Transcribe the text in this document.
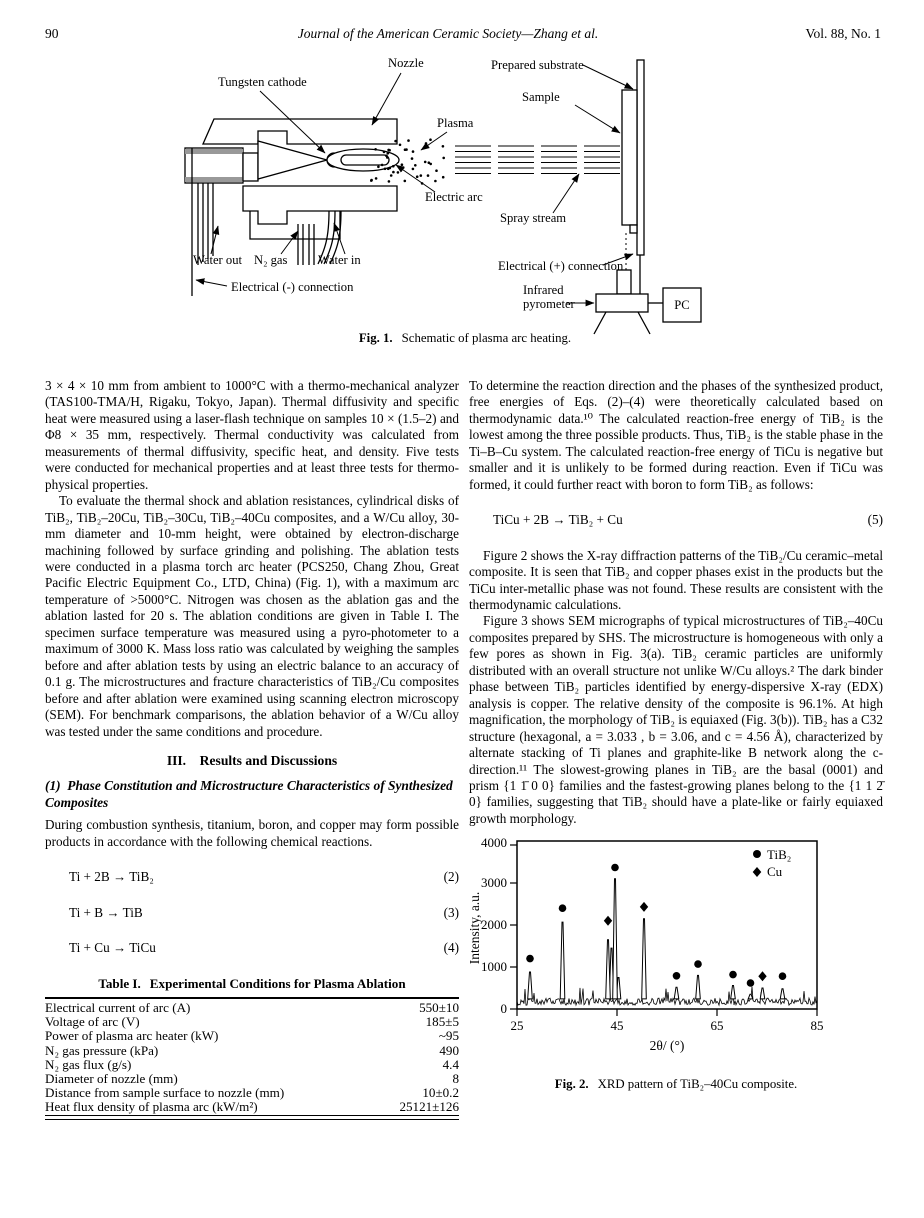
90	Journal of the American Ceramic Society—Zhang et al.	Vol. 88, No. 1
PC
Tungsten cathode
Nozzle	Prepared substrate
Sample
Plasma
Electric arc
Spray stream
Water out N₂ gas Water in
Electrical (-) connection
Electrical (+) connection
Infrared
pyrometer
Fig. 1. Schematic of plasma arc heating.

3 × 4 × 10 mm from ambient to 1000°C with a thermo-mechanical analyzer (TAS100-TMA/H, Rigaku, Tokyo, Japan). Thermal diffusivity and specific heat were measured using a laser-flash technique on samples 10 × (1.5–2) and Φ8 × 35 mm, respectively. Thermal conductivity was calculated from measurements of thermal diffusivity, specific heat, and density. Five tests were conducted for mechanical properties and at least three tests for thermo-physical properties.

To evaluate the thermal shock and ablation resistances, cylindrical disks of TiB₂, TiB₂–20Cu, TiB₂–30Cu, TiB₂–40Cu composites, and a W/Cu alloy, 30-mm diameter and 10-mm height, were obtained by electron-discharge machining followed by surface grinding and polishing. The ablation tests were conducted in a plasma torch arc heater (PCS250, Chang Zhou, Great Pacific Electric Equipment Co., LTD, China) (Fig. 1), with a maximum arc temperature of >5000°C. Nitrogen was chosen as the ablation gas and the ablation lasted for 20 s. The ablation conditions are given in Table I. The specimen surface temperature was measured using a pyro-photometer to a maximum of 3000 K. Mass loss ratio was calculated by weighing the samples before and after ablation tests by using an electric balance to an accuracy of 0.1 g. The microstructures and fracture characteristics of TiB₂/Cu composites before and after ablation were examined using scanning electron microscopy (SEM). For benchmark comparisons, the ablation behavior of a W/Cu alloy was tested under the same conditions and procedure.

III. Results and Discussions
(1) Phase Constitution and Microstructure Characteristics of Synthesized Composites

During combustion synthesis, titanium, boron, and copper may form possible products in accordance with the following chemical reactions.

Ti + 2B → TiB₂	(2)
Ti + B → TiB	(3)
Ti + Cu → TiCu	(4)
Table I. Experimental Conditions for Plasma Ablation
Electrical current of arc (A)	550±10
Voltage of arc (V)	185±5
Power of plasma arc heater (kW)	~95
N₂ gas pressure (kPa)	490
N₂ gas flux (g/s)	4.4
Diameter of nozzle (mm)	8
Distance from sample surface to nozzle (mm)	10±0.2
Heat flux density of plasma arc (kW/m²)	25121±126

To determine the reaction direction and the phases of the synthesized product, free energies of Eqs. (2)–(4) were theoretically calculated based on thermodynamic data.¹⁰ The calculated reaction-free energy of TiB₂ is the lowest among the three possible products. Thus, TiB₂ is the stable phase in the Ti–B–Cu system. The calculated reaction-free energy of TiCu is negative but smaller and it is unlikely to be formed during reaction. Even if TiCu was formed, it could further react with boron to form TiB₂ as follows:

TiCu + 2B → TiB₂ + Cu	(5)

Figure 2 shows the X-ray diffraction patterns of the TiB₂/Cu ceramic–metal composite. It is seen that TiB₂ and copper phases exist in the products but the TiCu inter-metallic phase was not found. These results are consistent with the thermodynamic calculations.

Figure 3 shows SEM micrographs of typical microstructures of TiB₂–40Cu composites prepared by SHS. The microstructure is homogeneous with only a few pores as shown in Fig. 3(a). TiB₂ ceramic particles are uniformly distributed with an overall structure not unlike W/Cu alloys.² The dark binder phase between TiB₂ particles identified by energy-dispersive X-ray (EDX) analysis is copper. The relative density of the composite is 96.1%. At high magnification, the morphology of TiB₂ is equiaxed (Fig. 3(b)). TiB₂ has a C32 structure (hexagonal, a = 3.033 , b = 3.06, and c = 4.56 Å), characterized by alternate stacking of Ti planes and graphite-like B network along the c-direction.¹¹ The slowest-growing planes in TiB₂ are the basal (0001) and prism {1 1̄ 0 0} families and the fastest-growing planes belong to the {1 1 2̄ 0} families, suggesting that TiB₂ should have a plate-like or fairly equiaxed growth morphology.

0
1000
2000
3000
4000
25	45	65	85
2θ/ (°)
Intensity, a.u.
TiB₂
Cu
Fig. 2. XRD pattern of TiB₂–40Cu composite.
